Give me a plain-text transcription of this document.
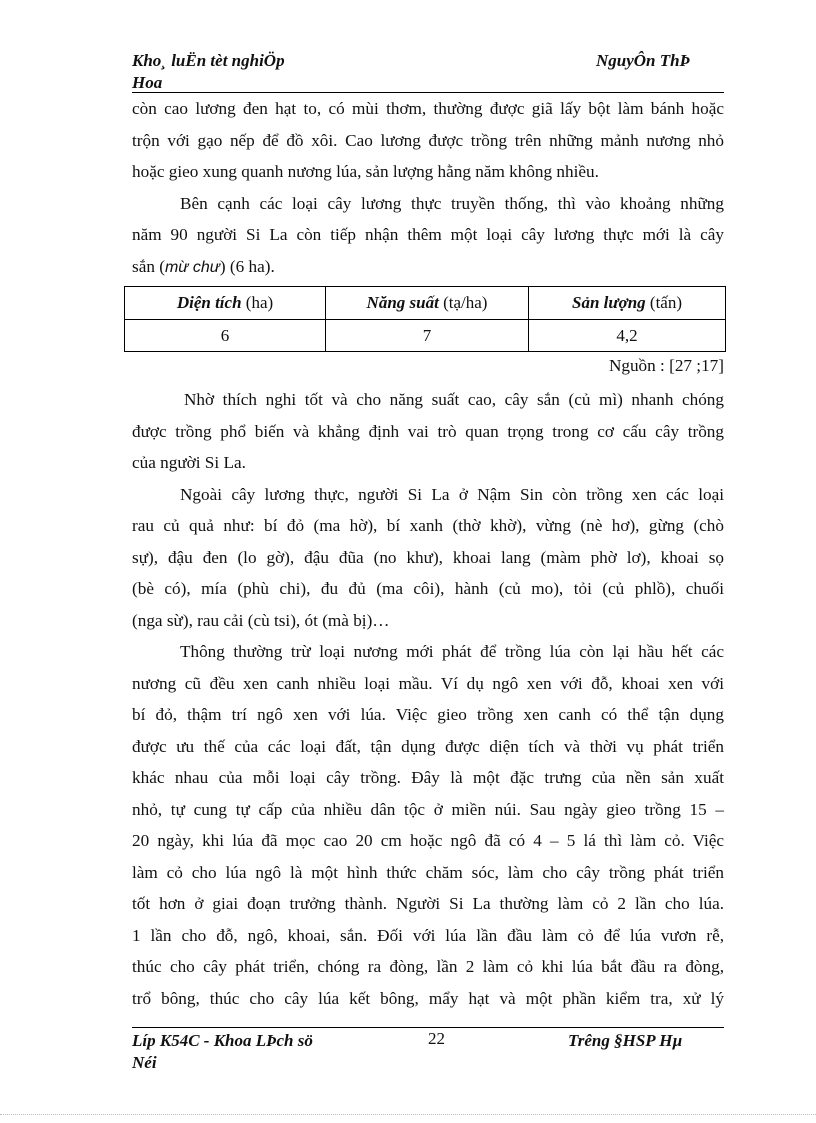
Kho¸ luËn tèt nghiÖp
Hoa
NguyÔn ThÞ

còn cao lương đen hạt to, có mùi thơm, thường được giã lấy bột làm bánh hoặc
trộn với gạo nếp để đồ xôi. Cao lương được trồng trên những mảnh nương nhỏ
hoặc gieo xung quanh nương lúa, sản lượng hằng năm không nhiều.

Bên cạnh các loại cây lương thực truyền thống, thì vào khoảng những
năm 90 người Si La còn tiếp nhận thêm một loại cây lương thực mới là cây
sắn (mừ chư) (6 ha).

Diện tích (ha)	Năng suất (tạ/ha)	Sản lượng (tấn)
6	7	4,2
Nguồn : [27 ;17]

Nhờ thích nghi tốt và cho năng suất cao, cây sắn (củ mì) nhanh chóng
được trồng phổ biến và khẳng định vai trò quan trọng trong cơ cấu cây trồng
của người Si La.

Ngoài cây lương thực, người Si La ở Nậm Sin còn trồng xen các loại
rau củ quả như: bí đỏ (ma hờ), bí xanh (thờ khờ), vừng (nè hơ), gừng (chò
sự), đậu đen (lo gờ), đậu đũa (no khư), khoai lang (màm phờ lơ), khoai sọ
(bè có), mía (phù chi), đu đủ (ma côi), hành (củ mo), tỏi (củ phlồ), chuối
(nga sừ), rau cải (cù tsi), ót (mà bị)…

Thông thường trừ loại nương mới phát để trồng lúa còn lại hầu hết các
nương cũ đều xen canh nhiều loại mầu. Ví dụ ngô xen với đỗ, khoai xen với
bí đỏ, thậm trí ngô xen với lúa. Việc gieo trồng xen canh có thể tận dụng
được ưu thế của các loại đất, tận dụng được diện tích và thời vụ phát triển
khác nhau của mỗi loại cây trồng. Đây là một đặc trưng của nền sản xuất
nhỏ, tự cung tự cấp của nhiều dân tộc ở miền núi. Sau ngày gieo trồng 15 –
20 ngày, khi lúa đã mọc cao 20 cm hoặc ngô đã có 4 – 5 lá thì làm cỏ. Việc
làm cỏ cho lúa ngô là một hình thức chăm sóc, làm cho cây trồng phát triển
tốt hơn ở giai đoạn trưởng thành. Người Si La thường làm cỏ 2 lần cho lúa.
1 lần cho đỗ, ngô, khoai, sắn. Đối với lúa lần đầu làm cỏ để lúa vươn rễ,
thúc cho cây phát triển, chóng ra đòng, lần 2 làm cỏ khi lúa bắt đầu ra đòng,
trổ bông, thúc cho cây lúa kết bông, mẩy hạt và một phần kiểm tra, xử lý

Líp K54C - Khoa LÞch sö
Néi
22	Trêng §HSP Hµ
